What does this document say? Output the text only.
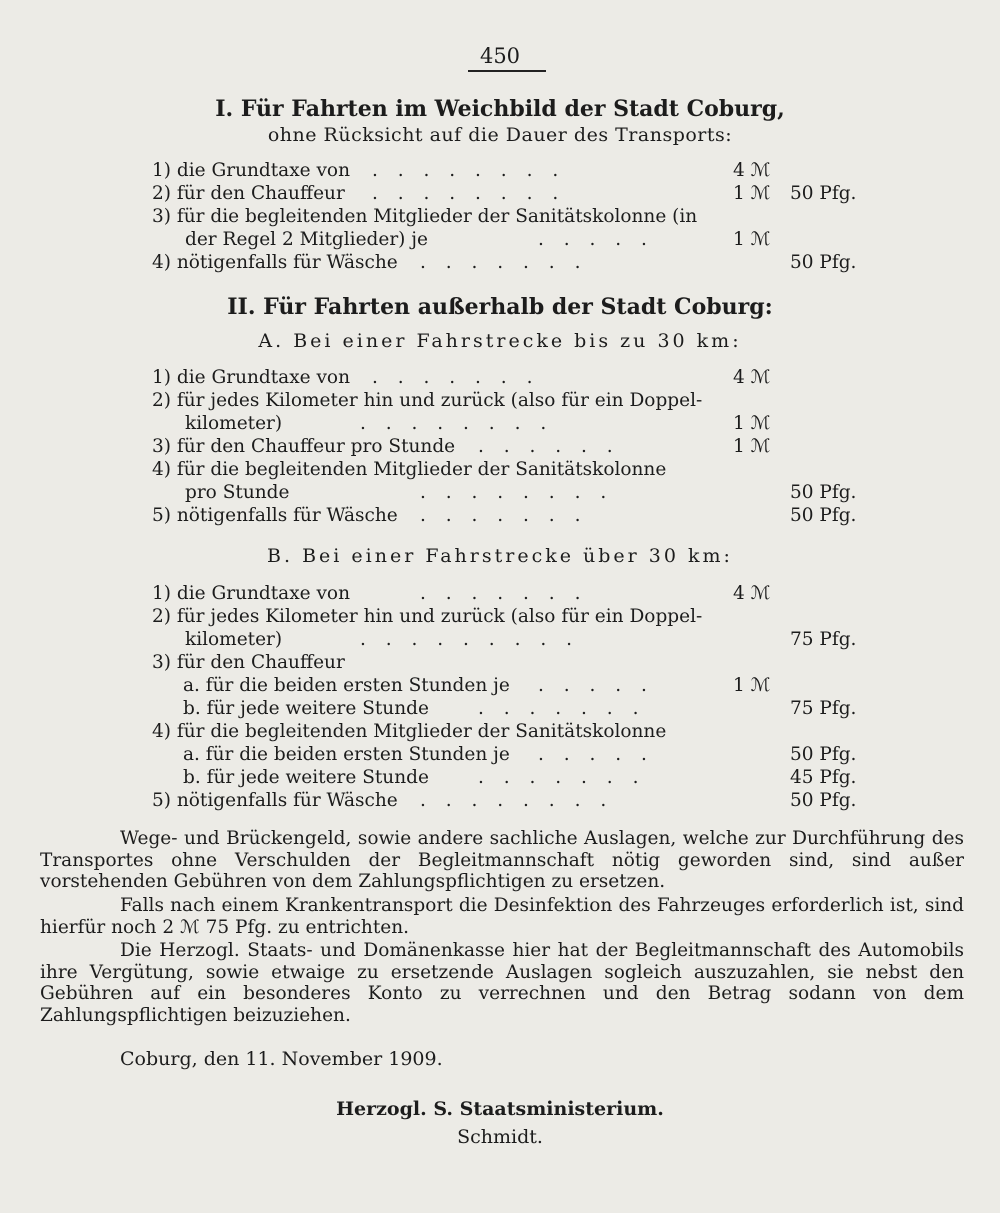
450
I. Für Fahrten im Weichbild der Stadt Coburg,
ohne Rücksicht auf die Dauer des Transports:
1) die Grundtaxe von . . . . . . . .	4 ℳ
2) für den Chauffeur . . . . . . . .	1 ℳ 50 Pfg.
3) für die begleitenden Mitglieder der Sanitätskolonne (in
der Regel 2 Mitglieder) je	. . . . .	1 ℳ
4) nötigenfalls für Wäsche . . . . . . .	50 Pfg.
II. Für Fahrten außerhalb der Stadt Coburg:
A. Bei einer Fahrstrecke bis zu 30 km:
1) die Grundtaxe von . . . . . . .	4 ℳ
2) für jedes Kilometer hin und zurück (also für ein Doppel-
kilometer)	. . . . . . . .	1 ℳ
3) für den Chauffeur pro Stunde . . . . . .	1 ℳ
4) für die begleitenden Mitglieder der Sanitätskolonne
pro Stunde	. . . . . . . .	50 Pfg.
5) nötigenfalls für Wäsche . . . . . . .	50 Pfg.
B. Bei einer Fahrstrecke über 30 km:
1) die Grundtaxe von	. . . . . . .	4 ℳ
2) für jedes Kilometer hin und zurück (also für ein Doppel-
kilometer)	. . . . . . . . .	75 Pfg.
3) für den Chauffeur
a. für die beiden ersten Stunden je . . . . .	1 ℳ
b. für jede weitere Stunde	. . . . . . .	75 Pfg.
4) für die begleitenden Mitglieder der Sanitätskolonne
a. für die beiden ersten Stunden je . . . . .	50 Pfg.
b. für jede weitere Stunde	. . . . . . .	45 Pfg.
5) nötigenfalls für Wäsche . . . . . . . .	50 Pfg.

Wege- und Brückengeld, sowie andere sachliche Auslagen, welche zur Durchführung des Transportes ohne Verschulden der Begleitmannschaft nötig geworden sind, sind außer vorstehenden Gebühren von dem Zahlungspflichtigen zu ersetzen.

Falls nach einem Krankentransport die Desinfektion des Fahrzeuges erforderlich ist, sind hierfür noch 2 ℳ 75 Pfg. zu entrichten.

Die Herzogl. Staats- und Domänenkasse hier hat der Begleitmannschaft des Automobils ihre Vergütung, sowie etwaige zu ersetzende Auslagen sogleich auszuzahlen, sie nebst den Gebühren auf ein besonderes Konto zu verrechnen und den Betrag sodann von dem Zahlungspflichtigen beizuziehen.

Coburg, den 11. November 1909.
Herzogl. S. Staatsministerium.
Schmidt.
